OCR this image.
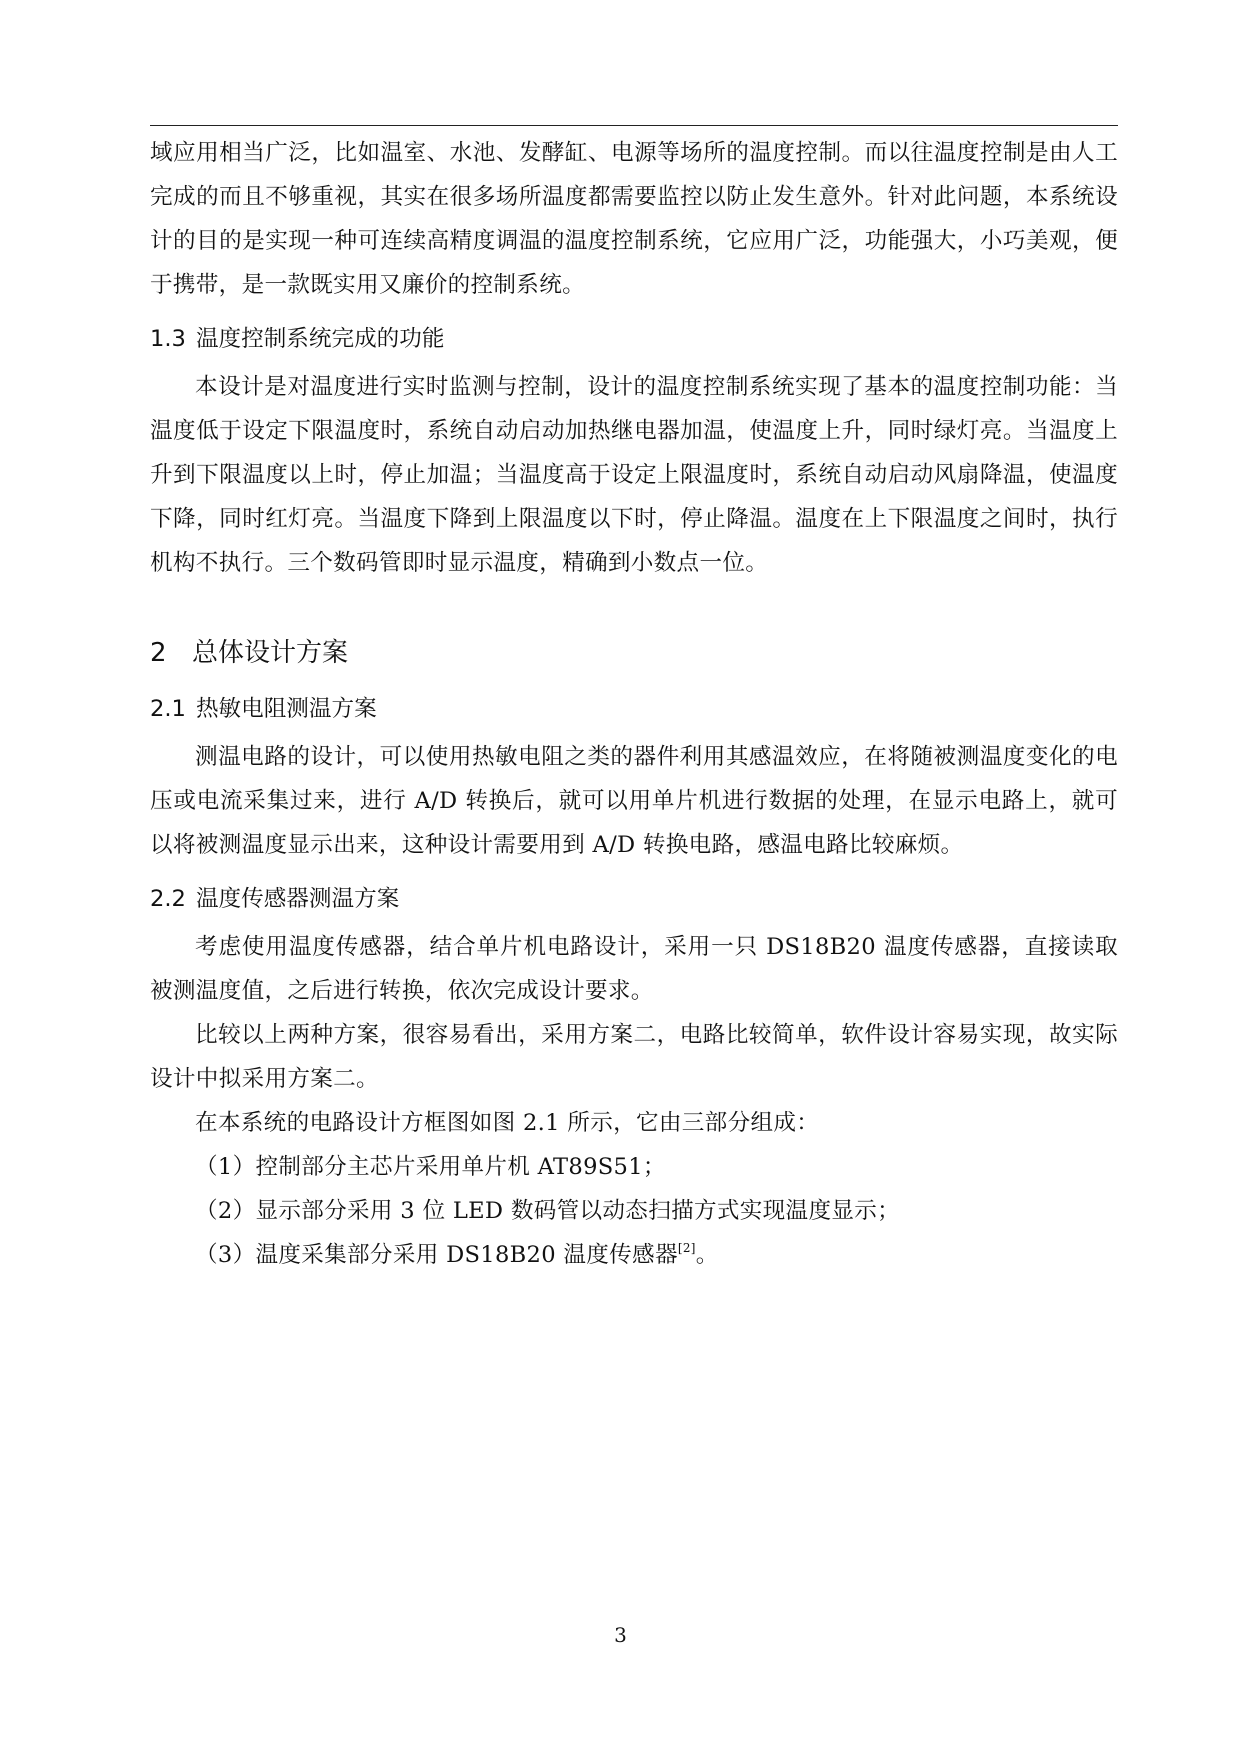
域应用相当广泛，比如温室、水池、发酵缸、电源等场所的温度控制。而以往温度控制是由人工完成的而且不够重视，其实在很多场所温度都需要监控以防止发生意外。针对此问题，本系统设计的目的是实现一种可连续高精度调温的温度控制系统，它应用广泛，功能强大，小巧美观，便于携带，是一款既实用又廉价的控制系统。

1.3 温度控制系统完成的功能

本设计是对温度进行实时监测与控制，设计的温度控制系统实现了基本的温度控制功能：当温度低于设定下限温度时，系统自动启动加热继电器加温，使温度上升，同时绿灯亮。当温度上升到下限温度以上时，停止加温；当温度高于设定上限温度时，系统自动启动风扇降温，使温度下降，同时红灯亮。当温度下降到上限温度以下时，停止降温。温度在上下限温度之间时，执行机构不执行。三个数码管即时显示温度，精确到小数点一位。

2 总体设计方案
2.1 热敏电阻测温方案

测温电路的设计，可以使用热敏电阻之类的器件利用其感温效应，在将随被测温度变化的电压或电流采集过来，进行 A/D 转换后，就可以用单片机进行数据的处理，在显示电路上，就可以将被测温度显示出来，这种设计需要用到 A/D 转换电路，感温电路比较麻烦。

2.2 温度传感器测温方案

考虑使用温度传感器，结合单片机电路设计，采用一只 DS18B20 温度传感器，直接读取被测温度值，之后进行转换，依次完成设计要求。

比较以上两种方案，很容易看出，采用方案二，电路比较简单，软件设计容易实现，故实际设计中拟采用方案二。

在本系统的电路设计方框图如图 2.1 所示，它由三部分组成：

（1）控制部分主芯片采用单片机 AT89S51；

（2）显示部分采用 3 位 LED 数码管以动态扫描方式实现温度显示；

（3）温度采集部分采用 DS18B20 温度传感器[2]。

3
